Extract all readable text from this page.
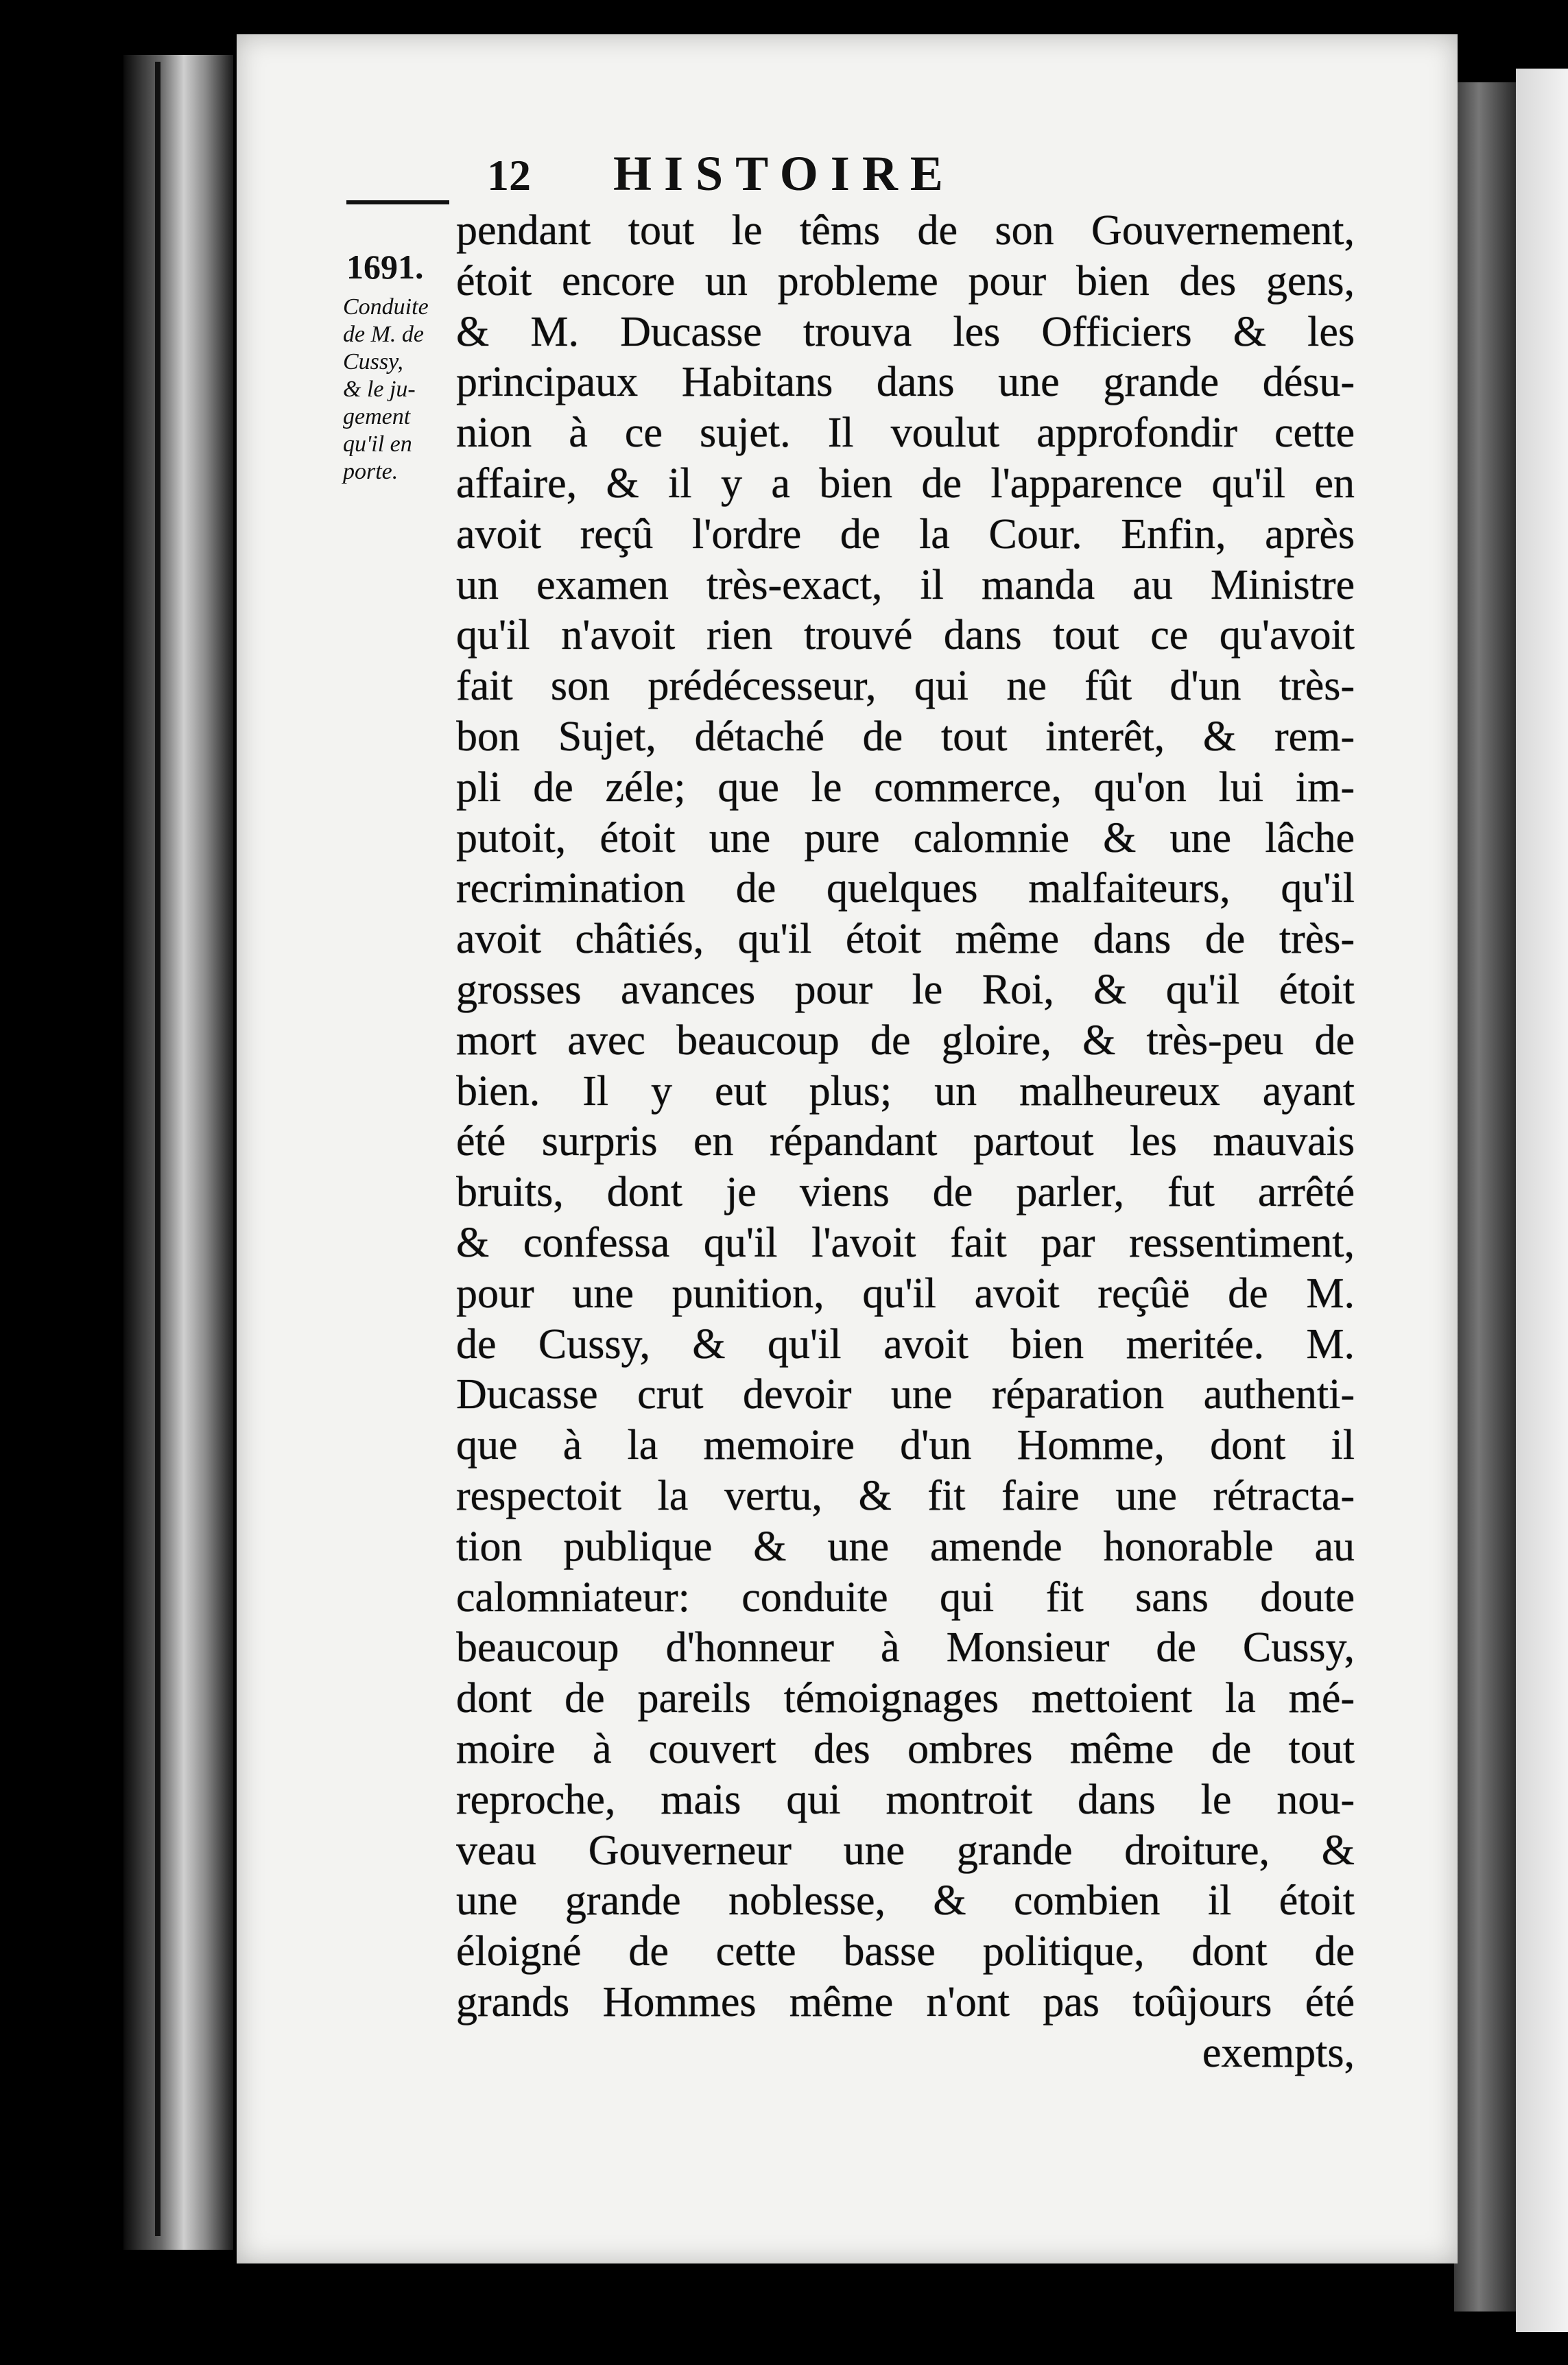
12 HISTOIRE
1691.
Conduite
de M. de
Cussy,
& le ju-
gement
qu'il en
porte.
pendant tout le têms de son Gouvernement,
étoit encore un probleme pour bien des gens,
& M. Ducasse trouva les Officiers & les
principaux Habitans dans une grande désu-
nion à ce sujet. Il voulut approfondir cette
affaire, & il y a bien de l'apparence qu'il en
avoit reçû l'ordre de la Cour. Enfin, après
un examen très-exact, il manda au Ministre
qu'il n'avoit rien trouvé dans tout ce qu'avoit
fait son prédécesseur, qui ne fût d'un très-
bon Sujet, détaché de tout interêt, & rem-
pli de zéle; que le commerce, qu'on lui im-
putoit, étoit une pure calomnie & une lâche
recrimination de quelques malfaiteurs, qu'il
avoit châtiés, qu'il étoit même dans de très-
grosses avances pour le Roi, & qu'il étoit
mort avec beaucoup de gloire, & très-peu de
bien. Il y eut plus; un malheureux ayant
été surpris en répandant partout les mauvais
bruits, dont je viens de parler, fut arrêté
& confessa qu'il l'avoit fait par ressentiment,
pour une punition, qu'il avoit reçûë de M.
de Cussy, & qu'il avoit bien meritée. M.
Ducasse crut devoir une réparation authenti-
que à la memoire d'un Homme, dont il
respectoit la vertu, & fit faire une rétracta-
tion publique & une amende honorable au
calomniateur: conduite qui fit sans doute
beaucoup d'honneur à Monsieur de Cussy,
dont de pareils témoignages mettoient la mé-
moire à couvert des ombres même de tout
reproche, mais qui montroit dans le nou-
veau Gouverneur une grande droiture, &
une grande noblesse, & combien il étoit
éloigné de cette basse politique, dont de
grands Hommes même n'ont pas toûjours été
exempts,
